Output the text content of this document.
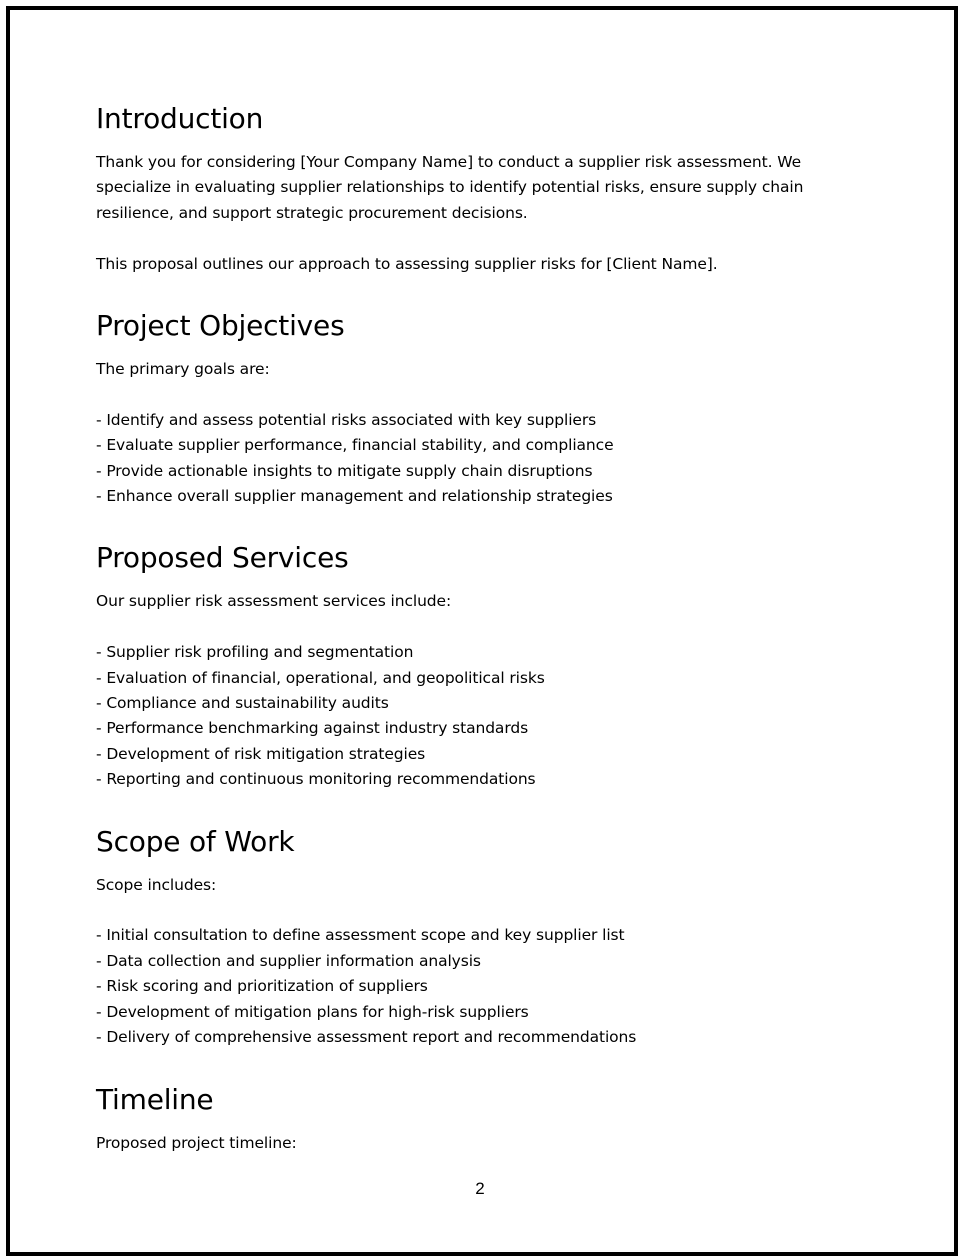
Introduction

Thank you for considering [Your Company Name] to conduct a supplier risk assessment. We specialize in evaluating supplier relationships to identify potential risks, ensure supply chain resilience, and support strategic procurement decisions.

This proposal outlines our approach to assessing supplier risks for [Client Name].

Project Objectives

The primary goals are:

- Identify and assess potential risks associated with key suppliers

- Evaluate supplier performance, financial stability, and compliance

- Provide actionable insights to mitigate supply chain disruptions

- Enhance overall supplier management and relationship strategies

Proposed Services

Our supplier risk assessment services include:

- Supplier risk profiling and segmentation

- Evaluation of financial, operational, and geopolitical risks

- Compliance and sustainability audits

- Performance benchmarking against industry standards

- Development of risk mitigation strategies

- Reporting and continuous monitoring recommendations

Scope of Work

Scope includes:

- Initial consultation to define assessment scope and key supplier list

- Data collection and supplier information analysis

- Risk scoring and prioritization of suppliers

- Development of mitigation plans for high-risk suppliers

- Delivery of comprehensive assessment report and recommendations

Timeline

Proposed project timeline:

2
